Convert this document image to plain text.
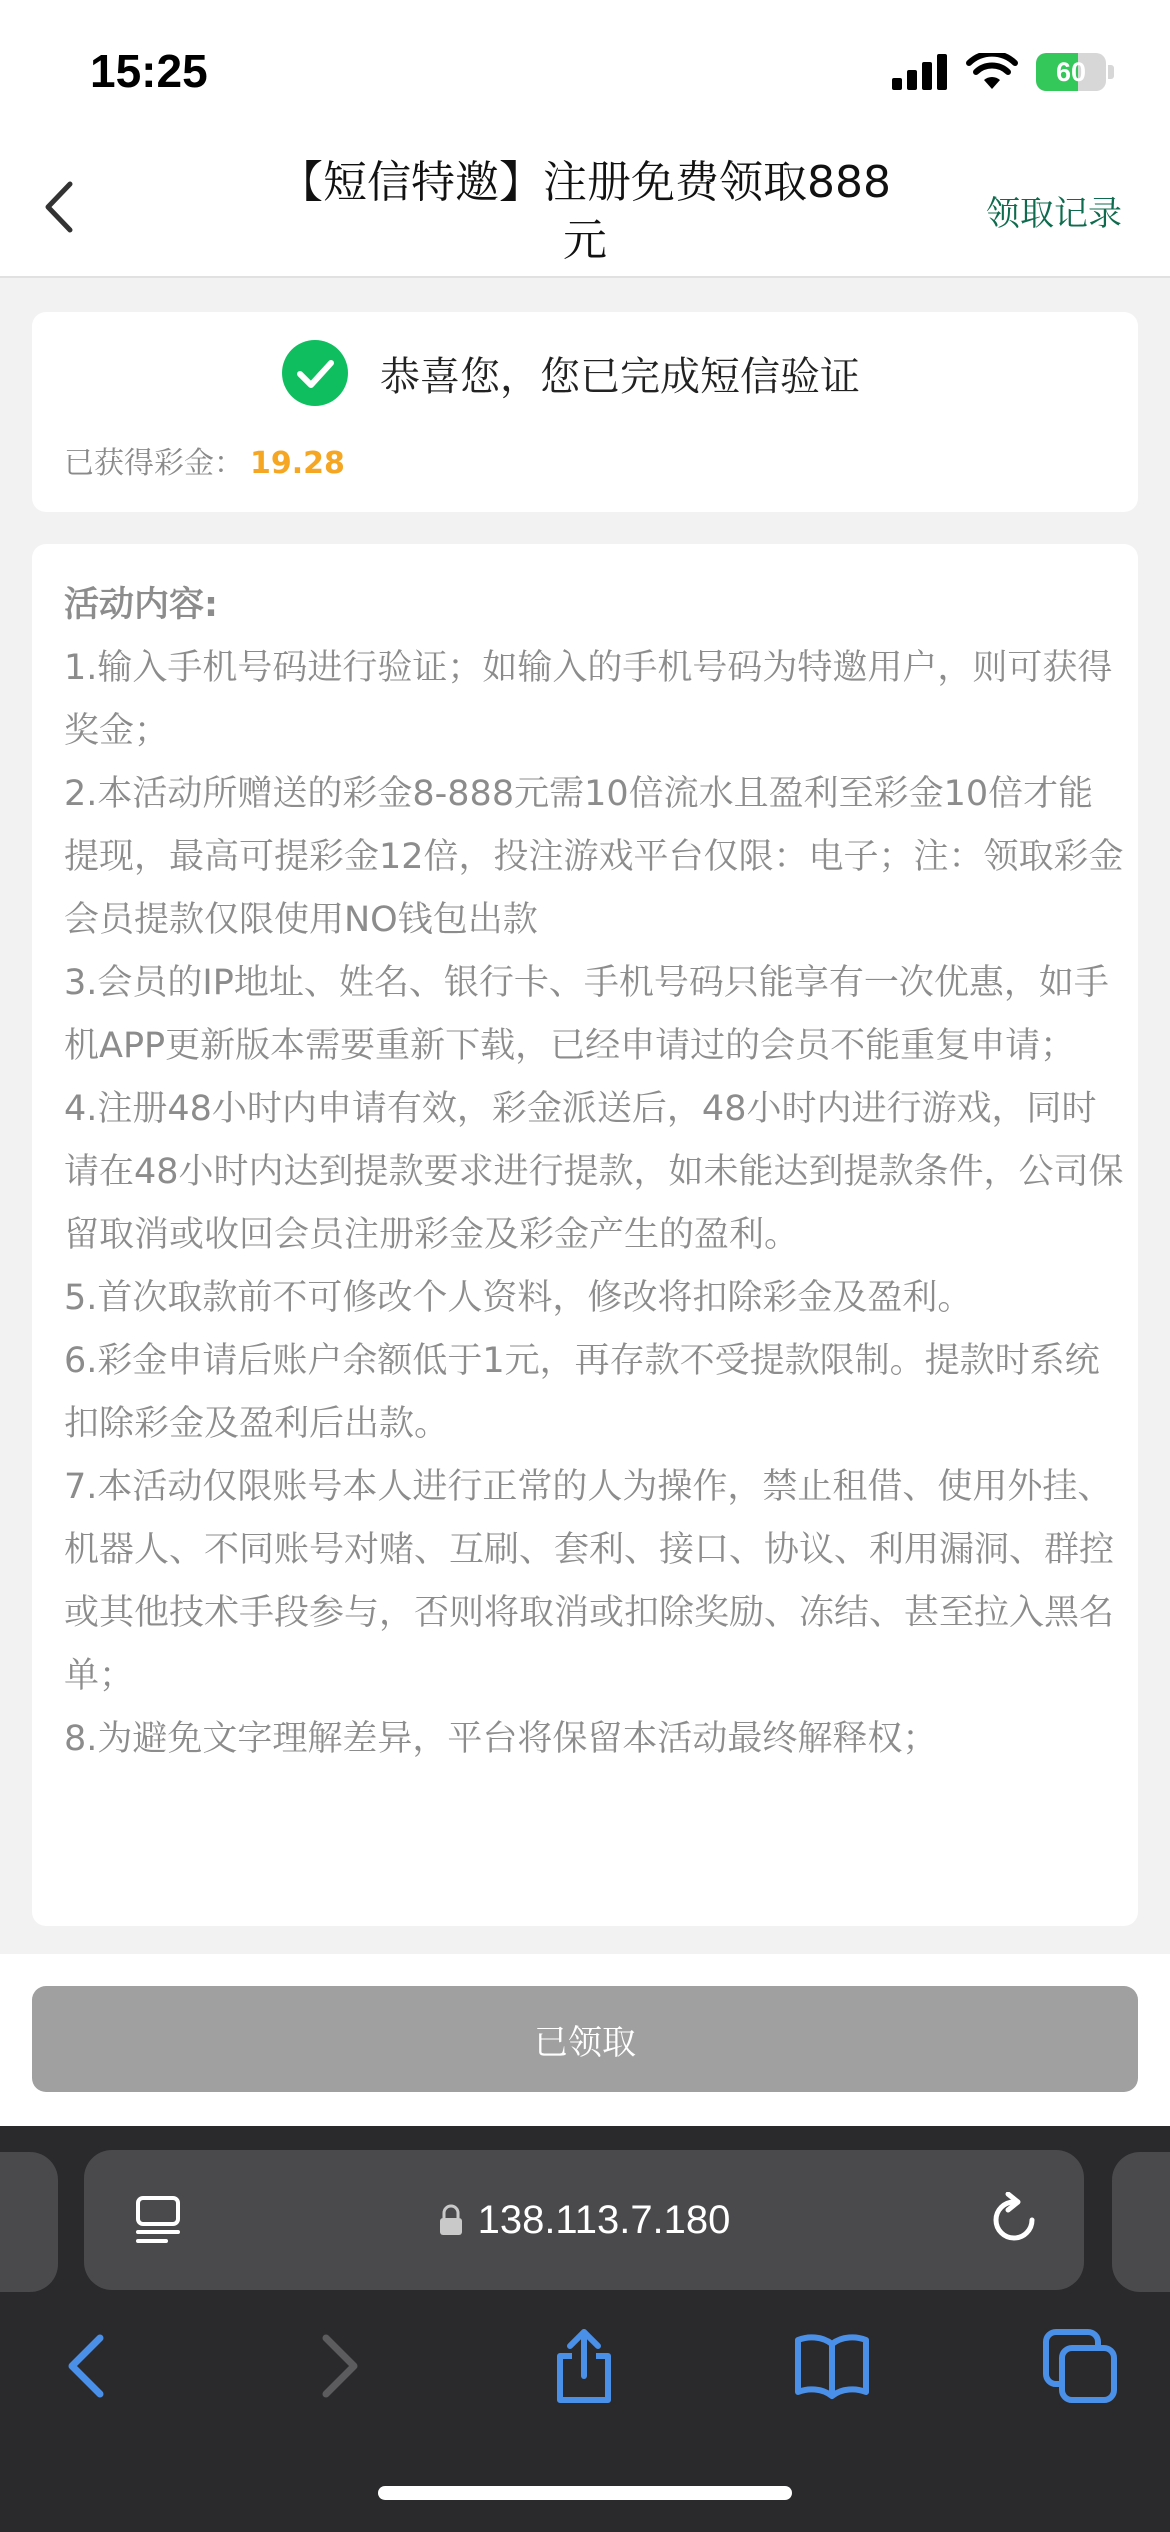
15:25	60
【短信特邀】注册免费领取888元
领取记录
恭喜您，您已完成短信验证
已获得彩金： 19.28
活动内容:

1.输入手机号码进行验证；如输入的手机号码为特邀用户，则可获得奖金；

2.本活动所赠送的彩金8-888元需10倍流水且盈利至彩金10倍才能提现，最高可提彩金12倍，投注游戏平台仅限：电子；注：领取彩金会员提款仅限使用NO钱包出款

3.会员的IP地址、姓名、银行卡、手机号码只能享有一次优惠，如手机APP更新版本需要重新下载，已经申请过的会员不能重复申请；

4.注册48小时内申请有效，彩金派送后，48小时内进行游戏，同时请在48小时内达到提款要求进行提款，如未能达到提款条件，公司保留取消或收回会员注册彩金及彩金产生的盈利。

5.首次取款前不可修改个人资料，修改将扣除彩金及盈利。

6.彩金申请后账户余额低于1元，再存款不受提款限制。提款时系统扣除彩金及盈利后出款。

7.本活动仅限账号本人进行正常的人为操作，禁止租借、使用外挂、机器人、不同账号对赌、互刷、套利、接口、协议、利用漏洞、群控或其他技术手段参与，否则将取消或扣除奖励、冻结、甚至拉入黑名单；

8.为避免文字理解差异，平台将保留本活动最终解释权；

已领取
138.113.7.180
